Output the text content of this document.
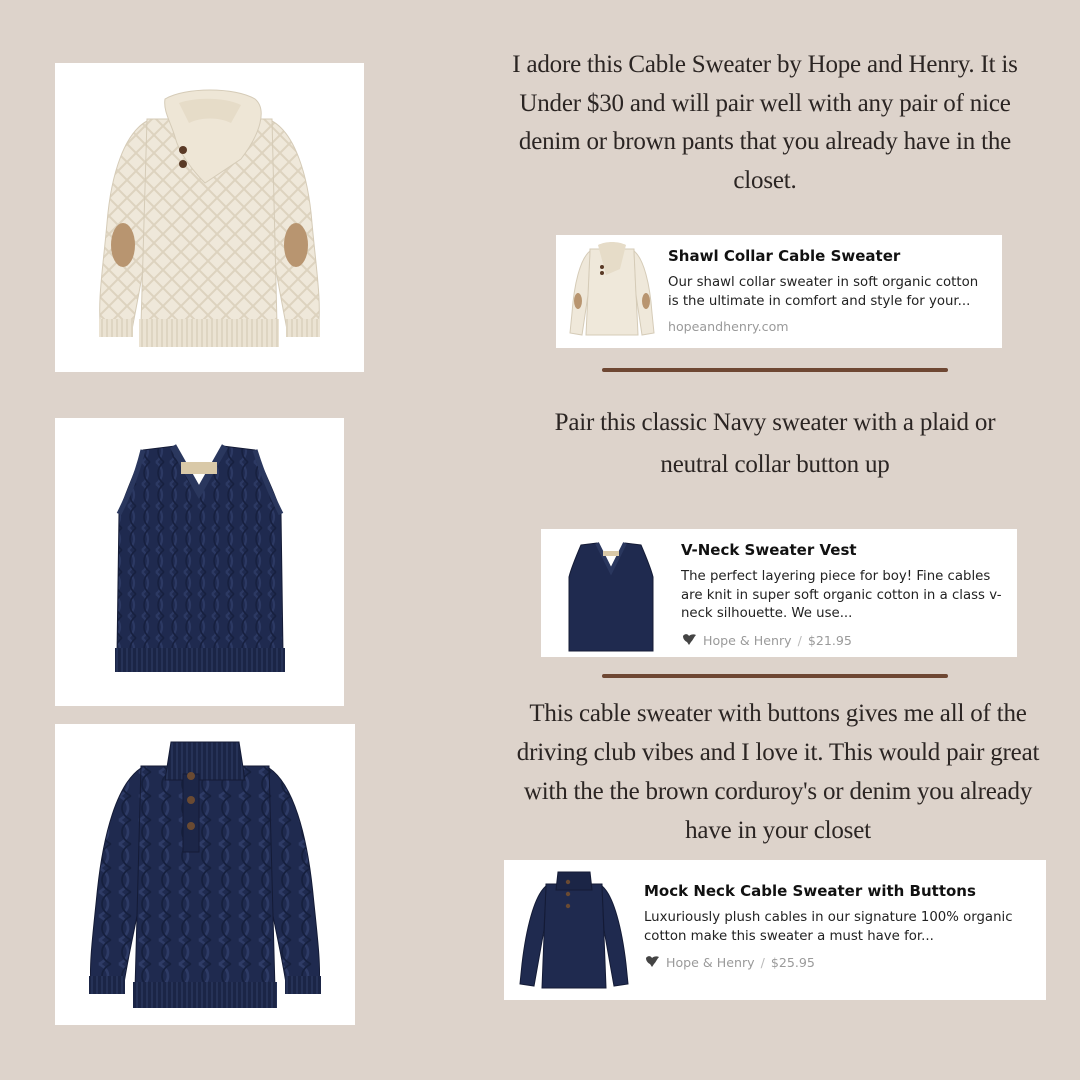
I adore this Cable Sweater by Hope and Henry. It is Under $30 and will pair well with any pair of nice denim or brown pants that you already have in the closet.
Shawl Collar Cable Sweater
Our shawl collar sweater in soft organic cotton is the ultimate in comfort and style for your...
hopeandhenry.com
Pair this classic Navy sweater with a plaid or neutral collar button up
V-Neck Sweater Vest
The perfect layering piece for boy! Fine cables are knit in super soft organic cotton in a class v-neck silhouette. We use...
Hope & Henry / $21.95
This cable sweater with buttons gives me all of the driving club vibes and I love it. This would pair great with the the brown corduroy's or denim you already have in your closet
Mock Neck Cable Sweater with Buttons
Luxuriously plush cables in our signature 100% organic cotton make this sweater a must have for...
Hope & Henry / $25.95
